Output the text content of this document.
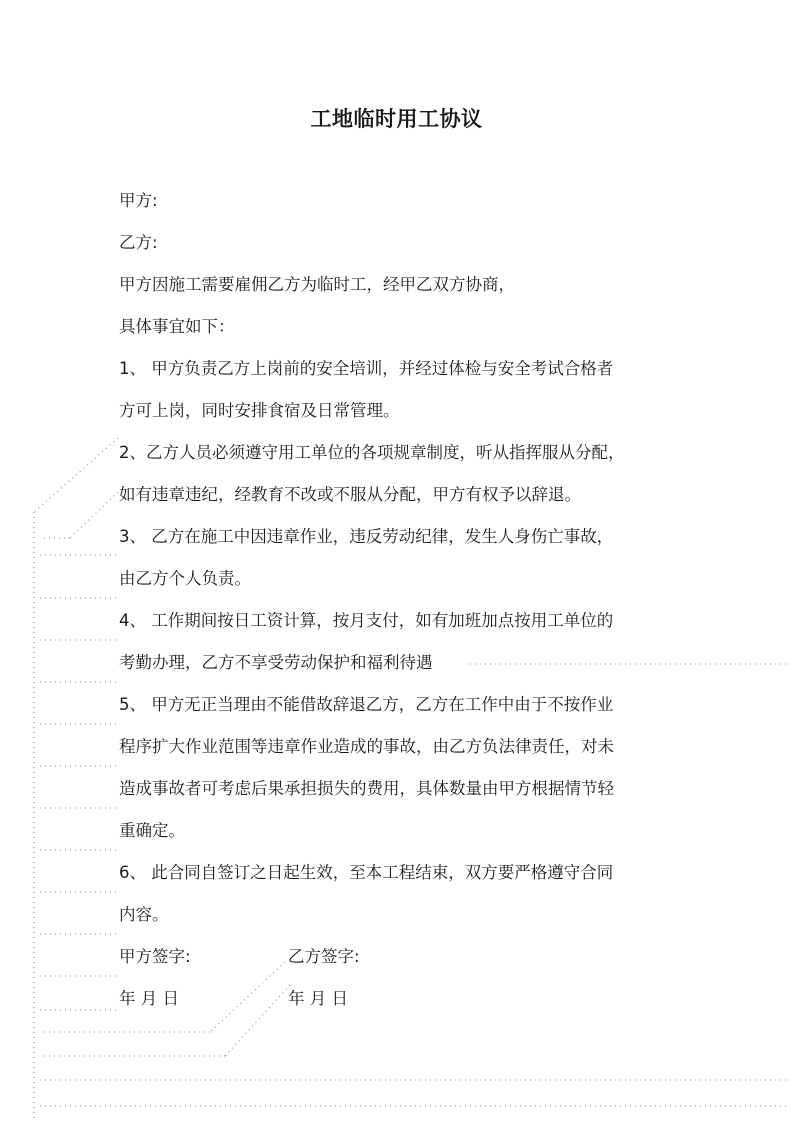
工地临时用工协议
甲方:
乙方:
甲方因施工需要雇佣乙方为临时工，经甲乙双方协商，
具体事宜如下：
1、 甲方负责乙方上岗前的安全培训，并经过体检与安全考试合格者
方可上岗，同时安排食宿及日常管理。
2、乙方人员必须遵守用工单位的各项规章制度，听从指挥服从分配，
如有违章违纪，经教育不改或不服从分配，甲方有权予以辞退。
3、 乙方在施工中因违章作业，违反劳动纪律，发生人身伤亡事故，
由乙方个人负责。
4、 工作期间按日工资计算，按月支付，如有加班加点按用工单位的
考勤办理，乙方不享受劳动保护和福利待遇
5、 甲方无正当理由不能借故辞退乙方，乙方在工作中由于不按作业
程序扩大作业范围等违章作业造成的事故，由乙方负法律责任，对未
造成事故者可考虑后果承担损失的费用，具体数量由甲方根据情节轻
重确定。
6、 此合同自签订之日起生效，至本工程结束，双方要严格遵守合同
内容。
甲方签字:	乙方签字:
年 月 日	年 月 日
